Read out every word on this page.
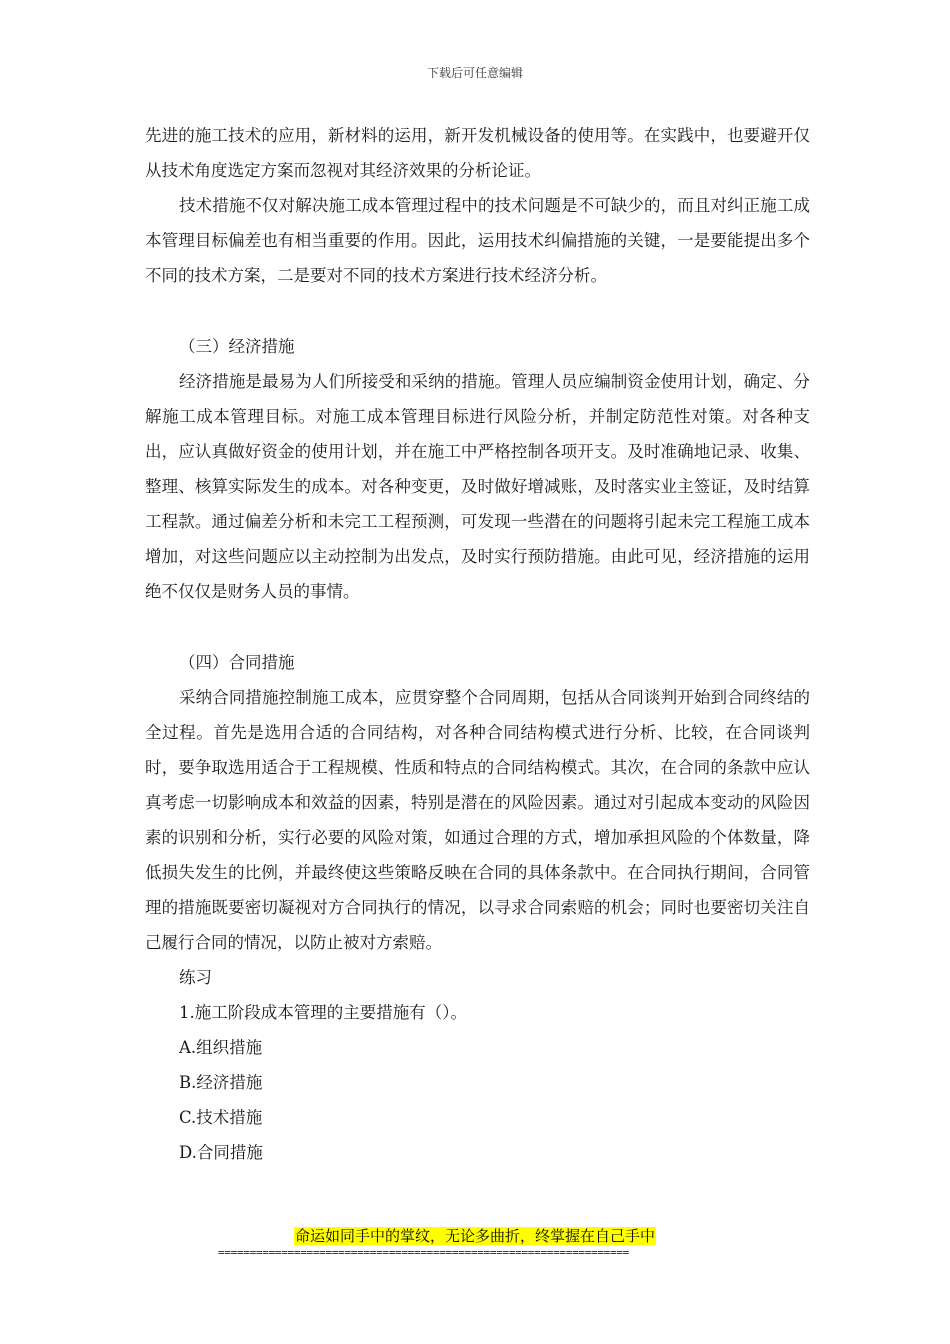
下载后可任意编辑

先进的施工技术的应用，新材料的运用，新开发机械设备的使用等。在实践中，也要避开仅从技术角度选定方案而忽视对其经济效果的分析论证。

技术措施不仅对解决施工成本管理过程中的技术问题是不可缺少的，而且对纠正施工成本管理目标偏差也有相当重要的作用。因此，运用技术纠偏措施的关键，一是要能提出多个不同的技术方案，二是要对不同的技术方案进行技术经济分析。

（三）经济措施

经济措施是最易为人们所接受和采纳的措施。管理人员应编制资金使用计划，确定、分解施工成本管理目标。对施工成本管理目标进行风险分析，并制定防范性对策。对各种支出，应认真做好资金的使用计划，并在施工中严格控制各项开支。及时准确地记录、收集、整理、核算实际发生的成本。对各种变更，及时做好增减账，及时落实业主签证，及时结算工程款。通过偏差分析和未完工工程预测，可发现一些潜在的问题将引起未完工程施工成本增加，对这些问题应以主动控制为出发点，及时实行预防措施。由此可见，经济措施的运用绝不仅仅是财务人员的事情。

（四）合同措施

采纳合同措施控制施工成本，应贯穿整个合同周期，包括从合同谈判开始到合同终结的全过程。首先是选用合适的合同结构，对各种合同结构模式进行分析、比较，在合同谈判时，要争取选用适合于工程规模、性质和特点的合同结构模式。其次，在合同的条款中应认真考虑一切影响成本和效益的因素，特别是潜在的风险因素。通过对引起成本变动的风险因素的识别和分析，实行必要的风险对策，如通过合理的方式，增加承担风险的个体数量，降低损失发生的比例，并最终使这些策略反映在合同的具体条款中。在合同执行期间，合同管理的措施既要密切凝视对方合同执行的情况，以寻求合同索赔的机会；同时也要密切关注自己履行合同的情况，以防止被对方索赔。

练习

1.施工阶段成本管理的主要措施有（）。

A.组织措施

B.经济措施

C.技术措施

D.合同措施

命运如同手中的掌纹，无论多曲折，终掌握在自己手中
=================================================================
